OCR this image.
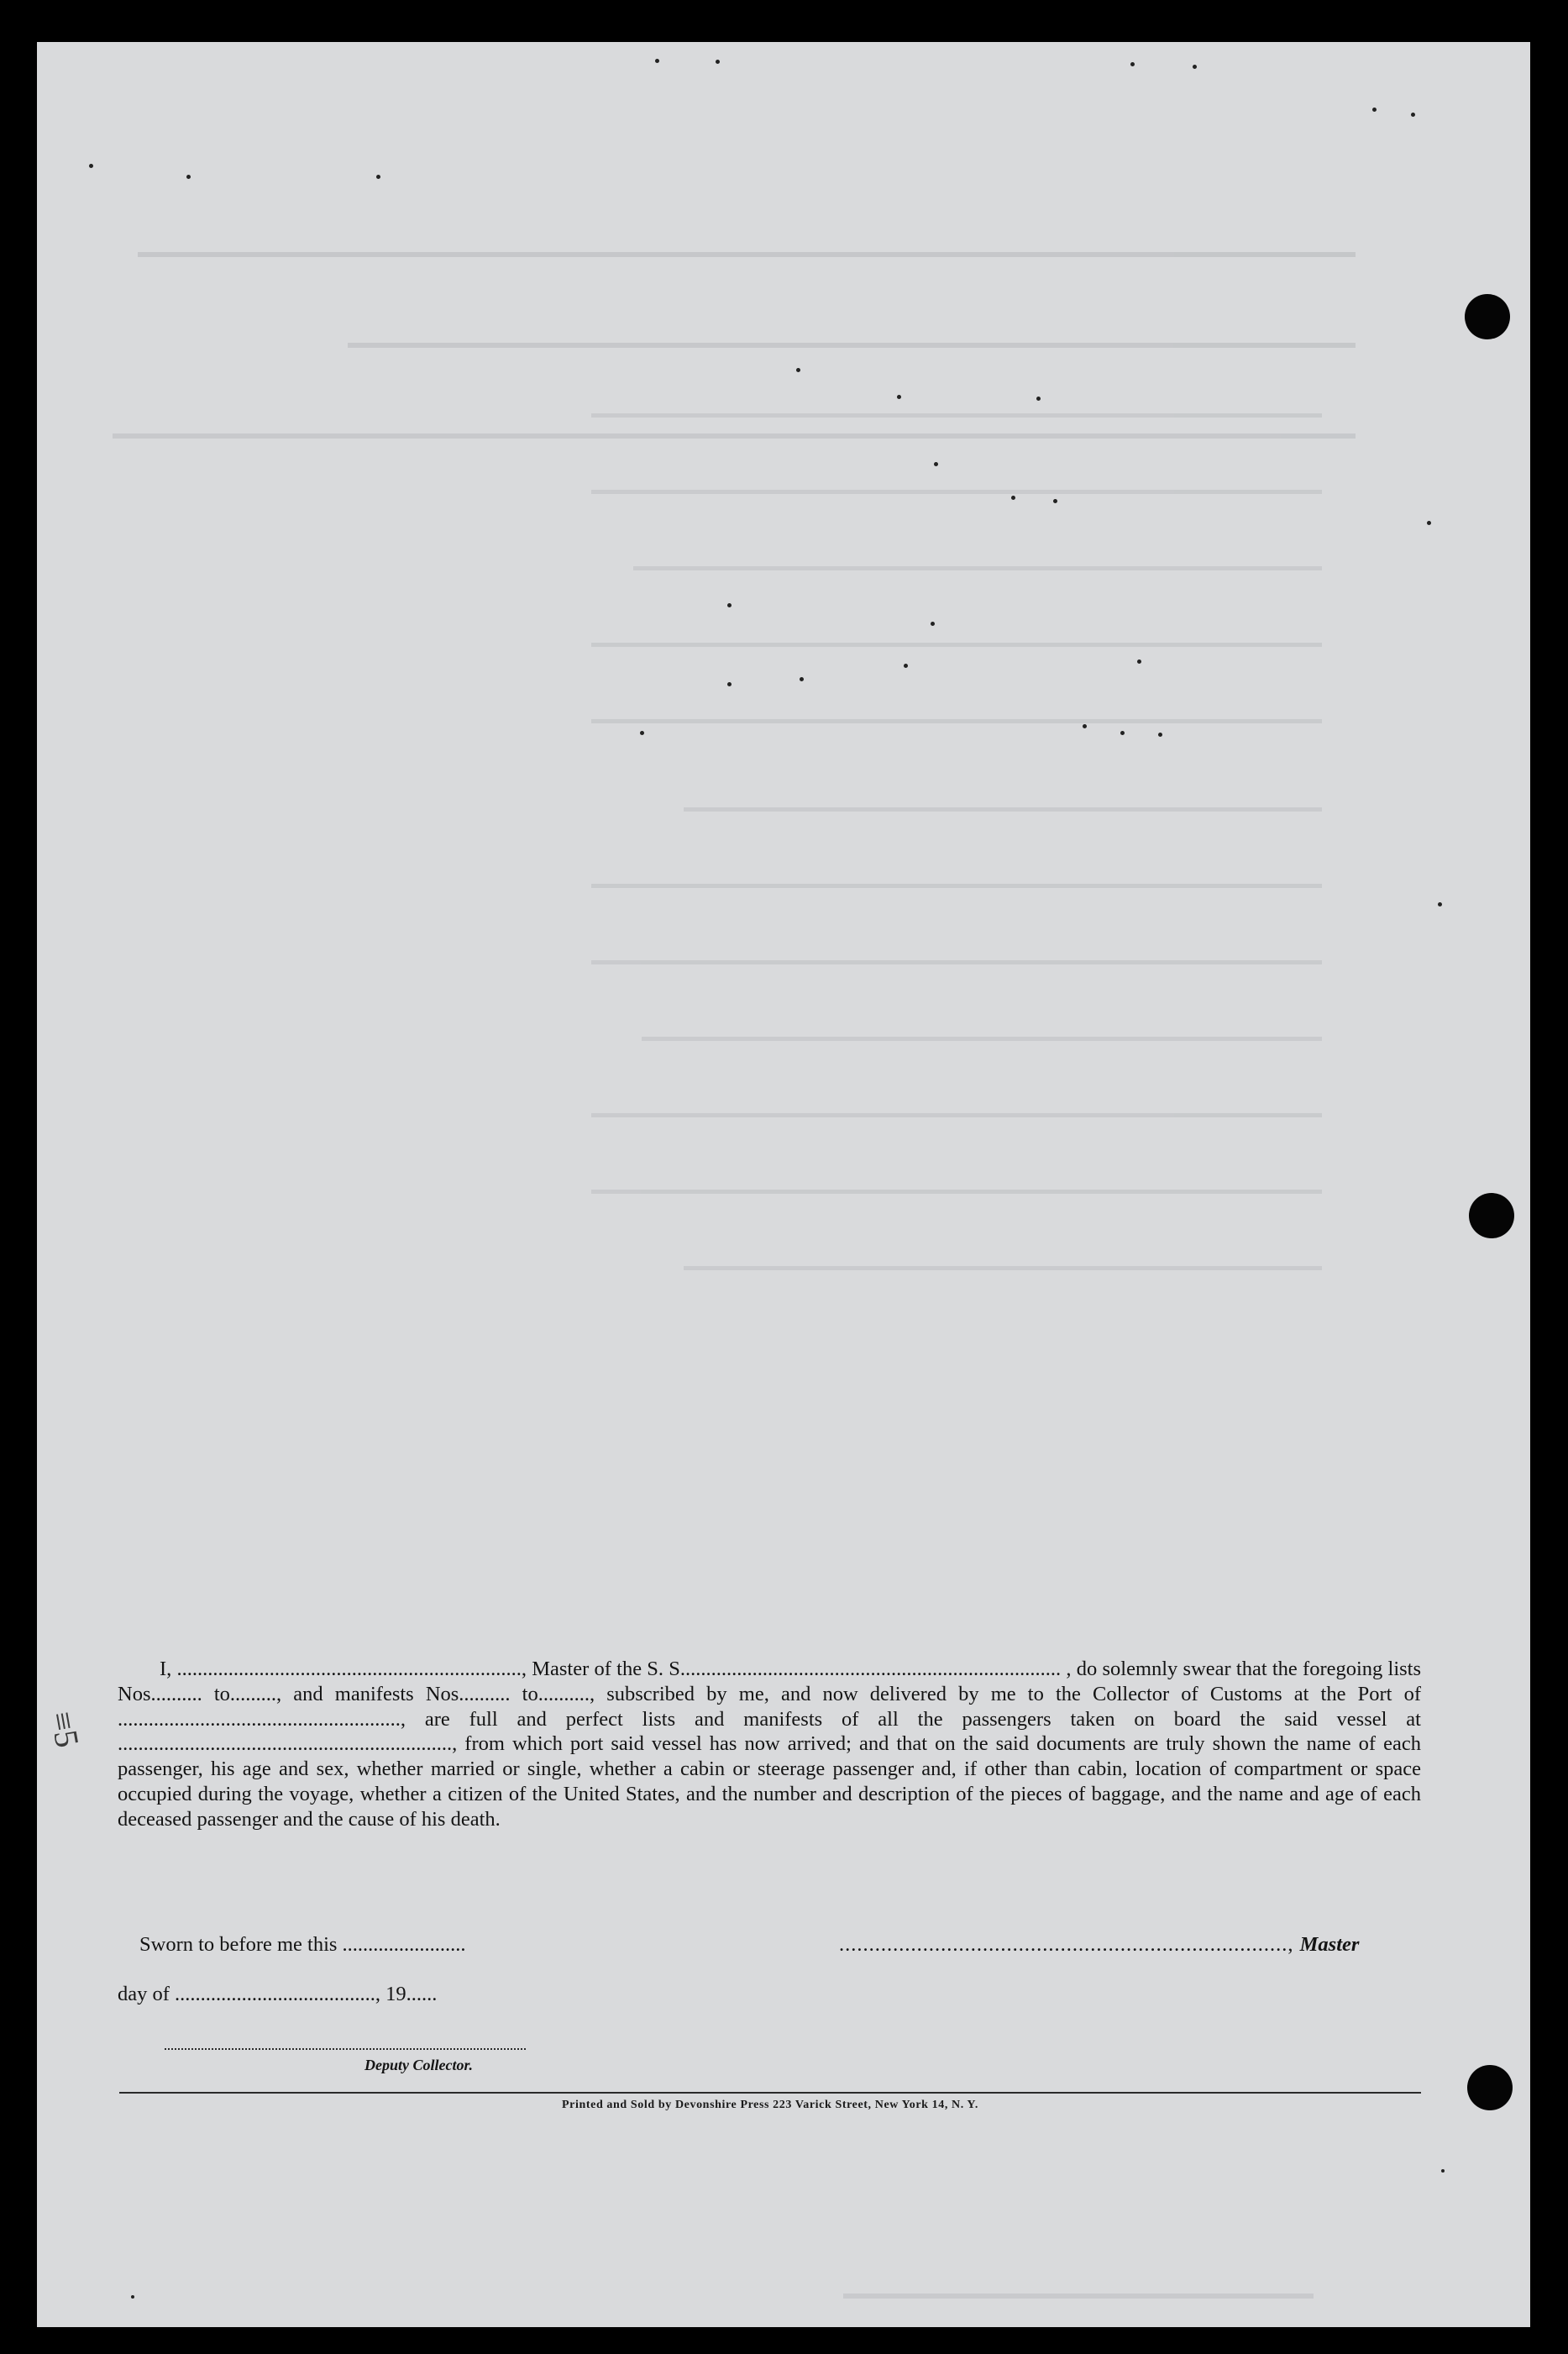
≡5

I, ..................................................................., Master of the S. S.......................................................................... , do solemnly swear that the foregoing lists Nos.......... to........., and manifests Nos.......... to.........., subscribed by me, and now delivered by me to the Collector of Customs at the Port of ......................................................., are full and perfect lists and manifests of all the passengers taken on board the said vessel at ................................................................., from which port said vessel has now arrived; and that on the said documents are truly shown the name of each passenger, his age and sex, whether married or single, whether a cabin or steerage passenger and, if other than cabin, location of compartment or space occupied during the voyage, whether a citizen of the United States, and the number and description of the pieces of baggage, and the name and age of each deceased passenger and the cause of his death.

Sworn to before me this ........................	..........................................................................., Master
day of ......................................., 19......
Deputy Collector.
Printed and Sold by Devonshire Press 223 Varick Street, New York 14, N. Y.
